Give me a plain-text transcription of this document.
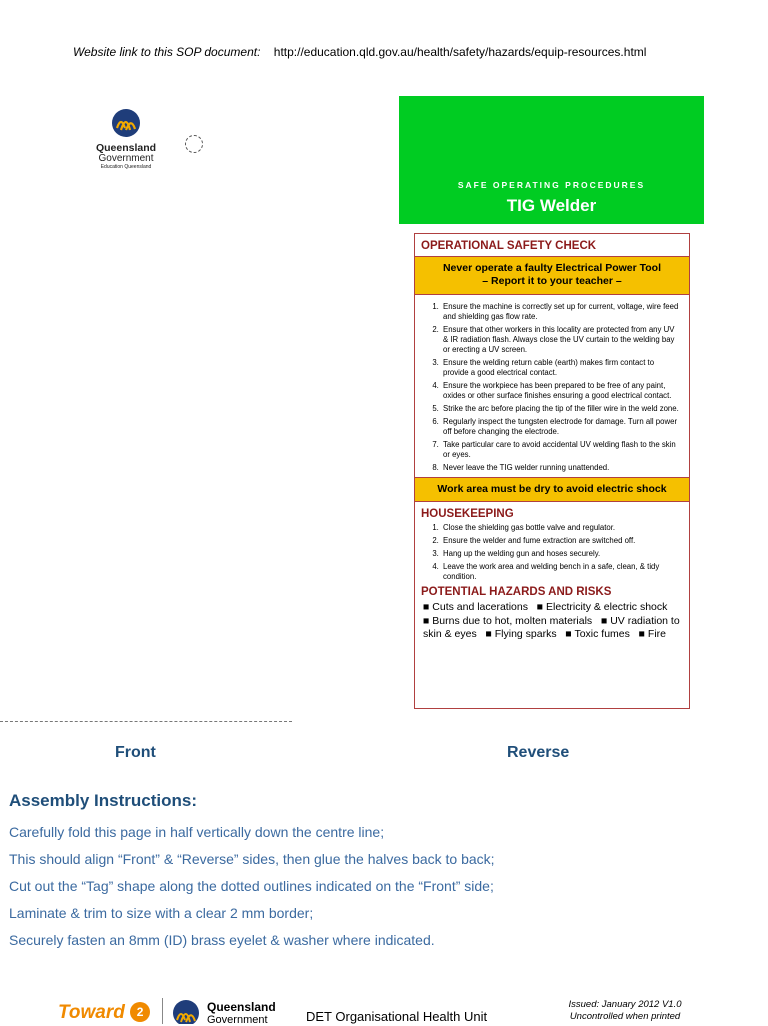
Website link to this SOP document: http://education.qld.gov.au/health/safety/hazards/equip-resources.html
Queensland
Government
Education Queensland
SAFE OPERATING PROCEDURES
TIG Welder
OPERATIONAL SAFETY CHECK
Never operate a faulty Electrical Power Tool
– Report it to your teacher –
1. Ensure the machine is correctly set up for current, voltage, wire feed and shielding gas flow rate.
2. Ensure that other workers in this locality are protected from any UV & IR radiation flash. Always close the UV curtain to the welding bay or erecting a UV screen.
3. Ensure the welding return cable (earth) makes firm contact to provide a good electrical contact.
4. Ensure the workpiece has been prepared to be free of any paint, oxides or other surface finishes ensuring a good electrical contact.
5. Strike the arc before placing the tip of the filler wire in the weld zone.
6. Regularly inspect the tungsten electrode for damage. Turn all power off before changing the electrode.
7. Take particular care to avoid accidental UV welding flash to the skin or eyes.
8. Never leave the TIG welder running unattended.
Work area must be dry to avoid electric shock
HOUSEKEEPING
1. Close the shielding gas bottle valve and regulator.
2. Ensure the welder and fume extraction are switched off.
3. Hang up the welding gun and hoses securely.
4. Leave the work area and welding bench in a safe, clean, & tidy condition.
POTENTIAL HAZARDS AND RISKS
■ Cuts and lacerations ■ Electricity & electric shock   ■ Burns due to hot, molten materials ■ UV radiation to skin & eyes ■ Flying sparks ■ Toxic fumes ■ Fire
Front	Reverse
Assembly Instructions:
Carefully fold this page in half vertically down the centre line;
This should align “Front” & “Reverse” sides, then glue the halves back to back;
Cut out the “Tag” shape along the dotted outlines indicated on the “Front” side;
Laminate & trim to size with a clear 2 mm border;
Securely fasten an 8mm (ID) brass eyelet & washer where indicated.
Toward 2	Queensland
Government	DET Organisational Health Unit
Issued: January 2012 V1.0
Uncontrolled when printed
